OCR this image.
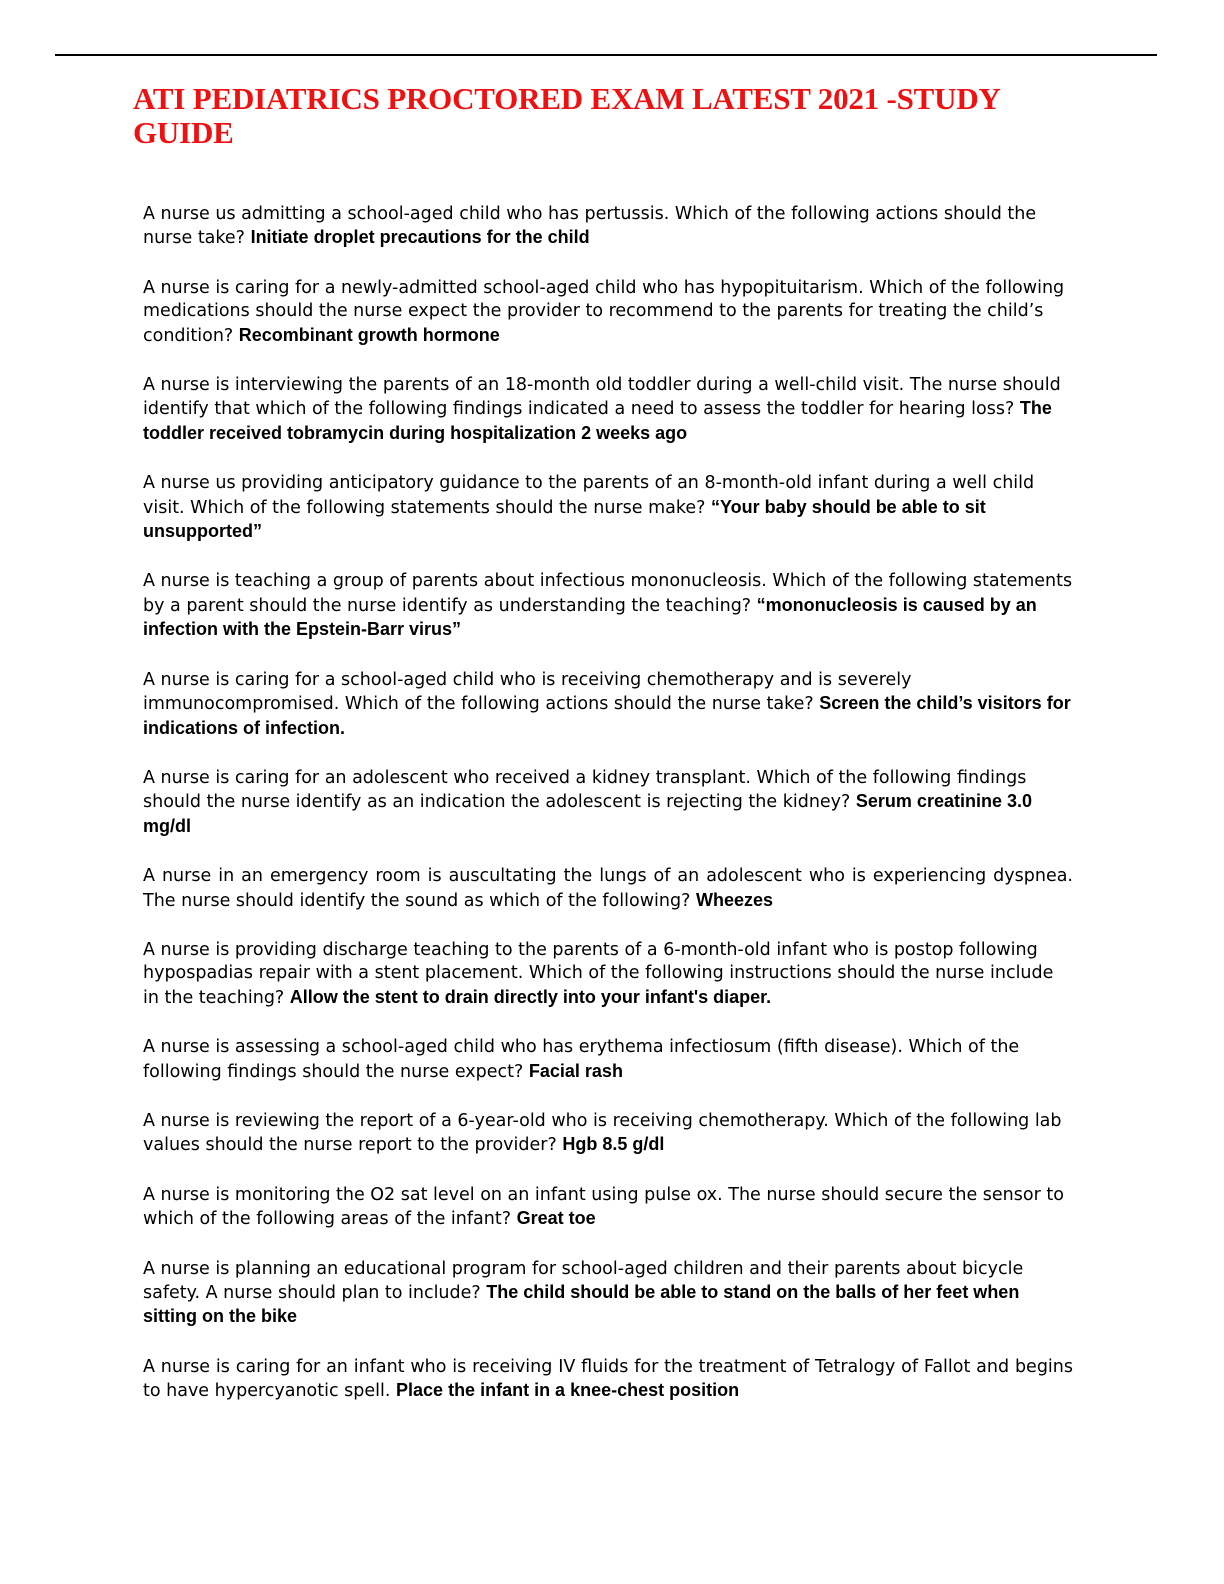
ATI PEDIATRICS PROCTORED EXAM LATEST 2021 -STUDY GUIDE
A nurse us admitting a school-aged child who has pertussis. Which of the following actions should the nurse take? Initiate droplet precautions for the child
A nurse is caring for a newly-admitted school-aged child who has hypopituitarism. Which of the following medications should the nurse expect the provider to recommend to the parents for treating the child’s condition? Recombinant growth hormone
A nurse is interviewing the parents of an 18-month old toddler during a well-child visit. The nurse should identify that which of the following findings indicated a need to assess the toddler for hearing loss? The toddler received tobramycin during hospitalization 2 weeks ago
A nurse us providing anticipatory guidance to the parents of an 8-month-old infant during a well child visit. Which of the following statements should the nurse make? “Your baby should be able to sit unsupported”
A nurse is teaching a group of parents about infectious mononucleosis. Which of the following statements by a parent should the nurse identify as understanding the teaching? “mononucleosis is caused by an infection with the Epstein-Barr virus”
A nurse is caring for a school-aged child who is receiving chemotherapy and is severely immunocompromised. Which of the following actions should the nurse take? Screen the child’s visitors for indications of infection.
A nurse is caring for an adolescent who received a kidney transplant. Which of the following findings should the nurse identify as an indication the adolescent is rejecting the kidney? Serum creatinine 3.0 mg/dl
A nurse in an emergency room is auscultating the lungs of an adolescent who is experiencing dyspnea. The nurse should identify the sound as which of the following? Wheezes
A nurse is providing discharge teaching to the parents of a 6-month-old infant who is postop following hypospadias repair with a stent placement. Which of the following instructions should the nurse include in the teaching? Allow the stent to drain directly into your infant's diaper.
A nurse is assessing a school-aged child who has erythema infectiosum (fifth disease). Which of the following findings should the nurse expect? Facial rash
A nurse is reviewing the report of a 6-year-old who is receiving chemotherapy. Which of the following lab values should the nurse report to the provider? Hgb 8.5 g/dl
A nurse is monitoring the O2 sat level on an infant using pulse ox. The nurse should secure the sensor to which of the following areas of the infant? Great toe
A nurse is planning an educational program for school-aged children and their parents about bicycle safety. A nurse should plan to include? The child should be able to stand on the balls of her feet when sitting on the bike
A nurse is caring for an infant who is receiving IV fluids for the treatment of Tetralogy of Fallot and begins to have hypercyanotic spell. Place the infant in a knee-chest position
